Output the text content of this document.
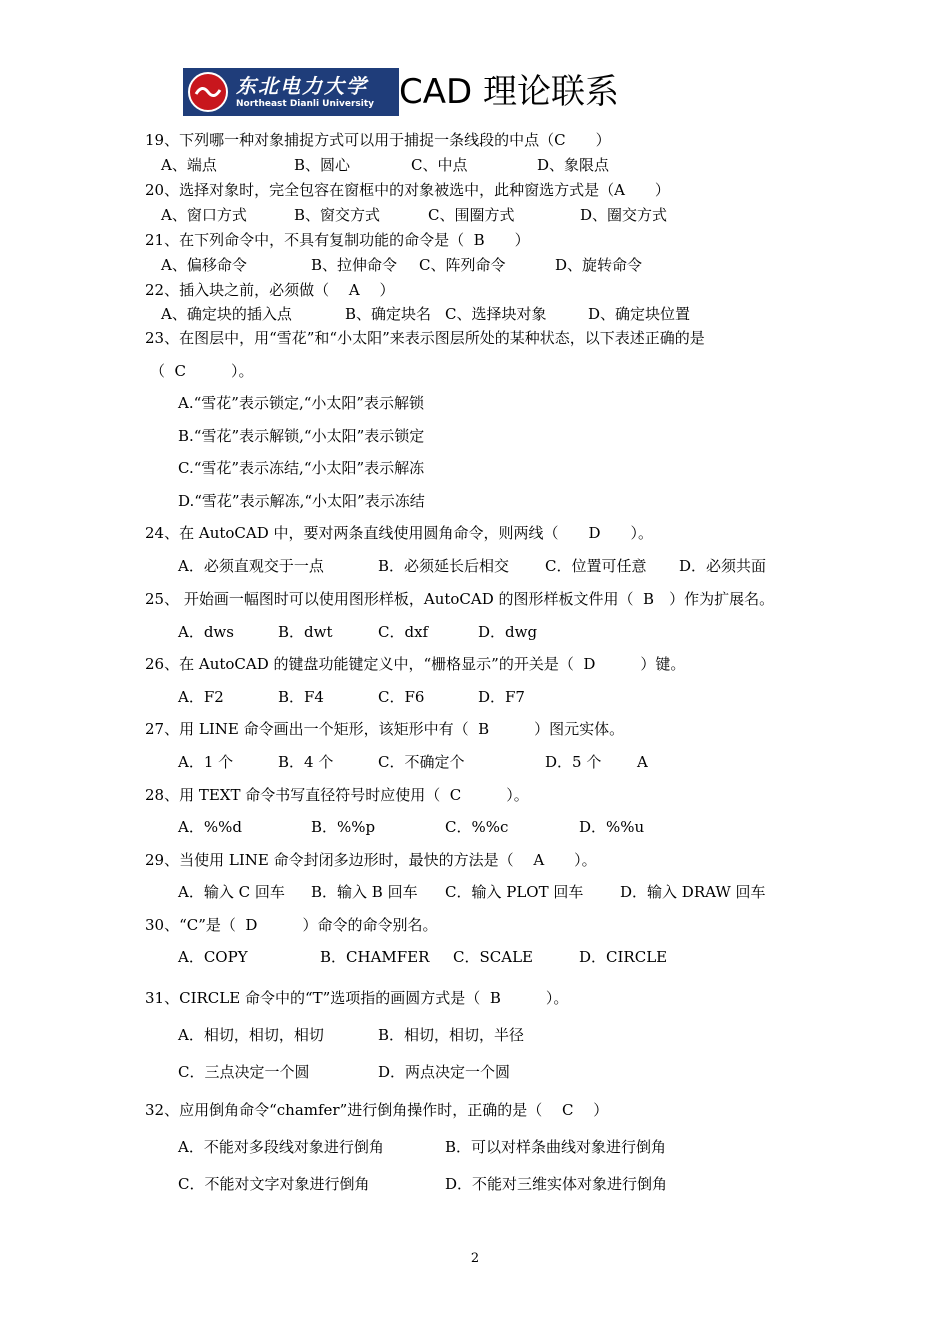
东北电力大学
Northeast Dianli University CAD 理论联系
19、下列哪一种对象捕捉方式可以用于捕捉一条线段的中点（C　　）
A、端点	B、圆心	C、中点	D、象限点
20、选择对象时，完全包容在窗框中的对象被选中，此种窗选方式是（A　　）
A、窗口方式	B、窗交方式	C、围圈方式	D、圈交方式
21、在下列命令中，不具有复制功能的命令是（  B　　）
A、偏移命令	B、拉伸命令 C、阵列命令	D、旋转命令
22、插入块之前，必须做（　 A　 ）
A、确定块的插入点	B、确定块名 C、选择块对象	D、确定块位置
23、在图层中，用“雪花”和“小太阳”来表示图层所处的某种状态，以下表述正确的是
（  C　　　）。
A.“雪花”表示锁定,“小太阳”表示解锁
B.“雪花”表示解锁,“小太阳”表示锁定
C.“雪花”表示冻结,“小太阳”表示解冻
D.“雪花”表示解冻,“小太阳”表示冻结
24、在 AutoCAD 中，要对两条直线使用圆角命令，则两线（　　D　　）。
A．必须直观交于一点	B．必须延长后相交 C．位置可任意 D．必须共面
25、 开始画一幅图时可以使用图形样板，AutoCAD 的图形样板文件用（  B　）作为扩展名。
A．dws	B．dwt	C．dxf	D．dwg
26、在 AutoCAD 的键盘功能键定义中，“栅格显示”的开关是（  D　　　）键。
A．F2	B．F4	C．F6	D．F7
27、用 LINE 命令画出一个矩形，该矩形中有（  B　　　）图元实体。
A．1 个	B．4 个	C．不确定个	D．5 个 A
28、用 TEXT 命令书写直径符号时应使用（  C　　　）。
A．%%d	B．%%p	C．%%c	D．%%u
29、当使用 LINE 命令封闭多边形时，最快的方法是（　 A　　）。
A．输入 C 回车 B．输入 B 回车 C．输入 PLOT 回车 D．输入 DRAW 回车
30、“C”是（  D　　　）命令的命令别名。
A．COPY	B．CHAMFER C．SCALE	D．CIRCLE
31、CIRCLE 命令中的“T”选项指的画圆方式是（  B　　　）。
A．相切，相切，相切	B．相切，相切，半径
C．三点决定一个圆	D．两点决定一个圆
32、应用倒角命令“chamfer”进行倒角操作时，正确的是（　 C　 ）
A．不能对多段线对象进行倒角	B．可以对样条曲线对象进行倒角
C．不能对文字对象进行倒角	D．不能对三维实体对象进行倒角
2
